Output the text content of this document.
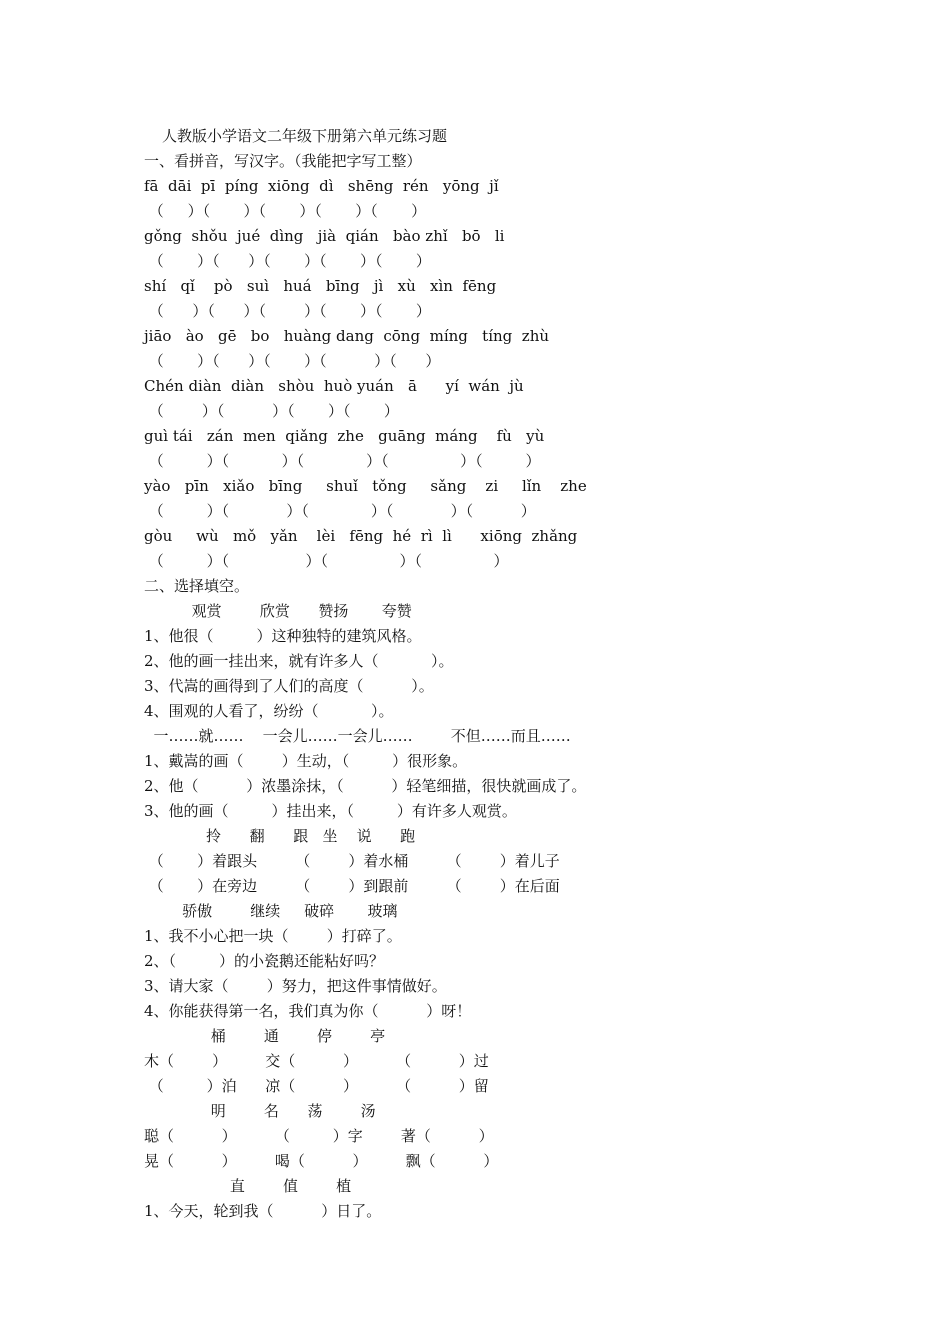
人教版小学语文二年级下册第六单元练习题
一、看拼音，写汉字。（我能把字写工整）
fā  dāi  pī  píng  xiōng  dì   shēng  rén   yōng  jǐ
（     ）（       ）（       ）（       ）（       ）
gǒng  shǒu  jué  dìng   jià  qián   bào zhǐ   bō   li
（       ）（      ）（       ）（       ）（       ）
shí   qǐ    pò   suì   huá   bīng   jì   xù   xìn  fēng
（      ）（      ）（        ）（       ）（       ）
jiāo   ào   gē   bo   huàng dang  cōng  míng   tíng  zhù
（       ）（      ）（       ）（          ）（      ）
Chén diàn  diàn   shòu  huò yuán   ā      yí  wán  jù
（        ）（          ）（       ）（       ）
guì tái   zán  men  qiǎng  zhe   guāng  máng    fù   yù
（         ）（           ）（             ）（               ）（         ）
yào   pīn   xiǎo   bīng     shuǐ   tǒng     sǎng    zi     lǐn    zhe
（         ）（            ）（             ）（            ）（          ）
gòu     wù   mǒ   yǎn    lèi   fēng  hé  rì  lì      xiōng  zhǎng
（         ）（                ）（               ）（               ）
二、选择填空。
观赏        欣赏      赞扬       夸赞
1、他很（         ）这种独特的建筑风格。
2、他的画一挂出来，就有许多人（           ）。
3、代嵩的画得到了人们的高度（          ）。
4、围观的人看了，纷纷（           ）。
一……就……    一会儿……一会儿……        不但……而且……
1、戴嵩的画（        ）生动，（         ）很形象。
2、他（          ）浓墨涂抹，（          ）轻笔细描，很快就画成了。
3、他的画（         ）挂出来，（         ）有许多人观赏。
拎      翻      跟   坐    说      跑
（       ）着跟头        （        ）着水桶        （        ）着儿子
（       ）在旁边        （        ）到跟前        （        ）在后面
骄傲        继续     破碎       玻璃
1、我不小心把一块（        ）打碎了。
2、（         ）的小瓷鹅还能粘好吗？
3、请大家（        ）努力，把这件事情做好。
4、你能获得第一名，我们真为你（          ）呀！
桶        通        停        亭
木（        ）        交（          ）        （          ）过
（         ）泊      凉（          ）        （          ）留
明        名      荡        汤
聪（          ）        （         ）字        著（          ）
晃（          ）        喝（          ）        飘（          ）
直        值        植
1、今天，轮到我（          ）日了。
